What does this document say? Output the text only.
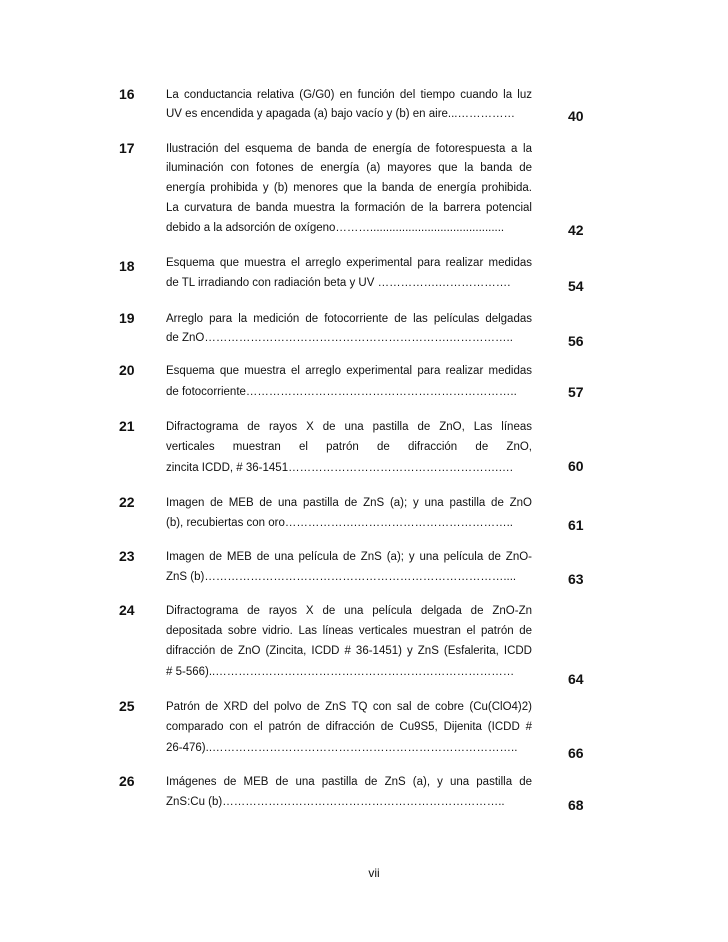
16	La conductancia relativa (G/G0) en función del tiempo cuando la luz
UV es encendida y apagada (a) bajo vacío y (b) en aire...……………	40
17	Ilustración del esquema de banda de energía de fotorespuesta a la
iluminación con fotones de energía (a) mayores que la banda de
energía prohibida y (b) menores que la banda de energía prohibida.
La curvatura de banda muestra la formación de la barrera potencial
debido a la adsorción de oxígeno………..........................................	42
18	Esquema que muestra el arreglo experimental para realizar medidas
de TL irradiando con radiación beta y UV …………….……………….	54
19	Arreglo para la medición de fotocorriente de las películas delgadas
de ZnO……………………………………………………….……………..	56
20	Esquema que muestra el arreglo experimental para realizar medidas
de fotocorriente……………………………………………………………..	57
21	Difractograma de rayos X de una pastilla de ZnO, Las líneas
verticales muestran el patrón de difracción de ZnO,
zincita ICDD, # 36-1451……………………………………………….….	60
22	Imagen de MEB de una pastilla de ZnS (a); y una pastilla de ZnO
(b), recubiertas con oro……………….…………………………………..	61
23	Imagen de MEB de una película de ZnS (a); y una película de ZnO-
ZnS (b)……………………………………………………………………....	63
24	Difractograma de rayos X de una película delgada de ZnO-Zn
depositada sobre vidrio. Las líneas verticales muestran el patrón de
difracción de ZnO (Zincita, ICDD # 36-1451) y ZnS (Esfalerita, ICDD
# 5-566)..……………………………………………………………………	64
25	Patrón de XRD del polvo de ZnS TQ con sal de cobre (Cu(ClO4)2)
comparado con el patrón de difracción de Cu9S5, Dijenita (ICDD #
26-476)..……………………………………………………………………..	66
26	Imágenes de MEB de una pastilla de ZnS (a), y una pastilla de
ZnS:Cu (b)………………………………………………………………..	68
vii
